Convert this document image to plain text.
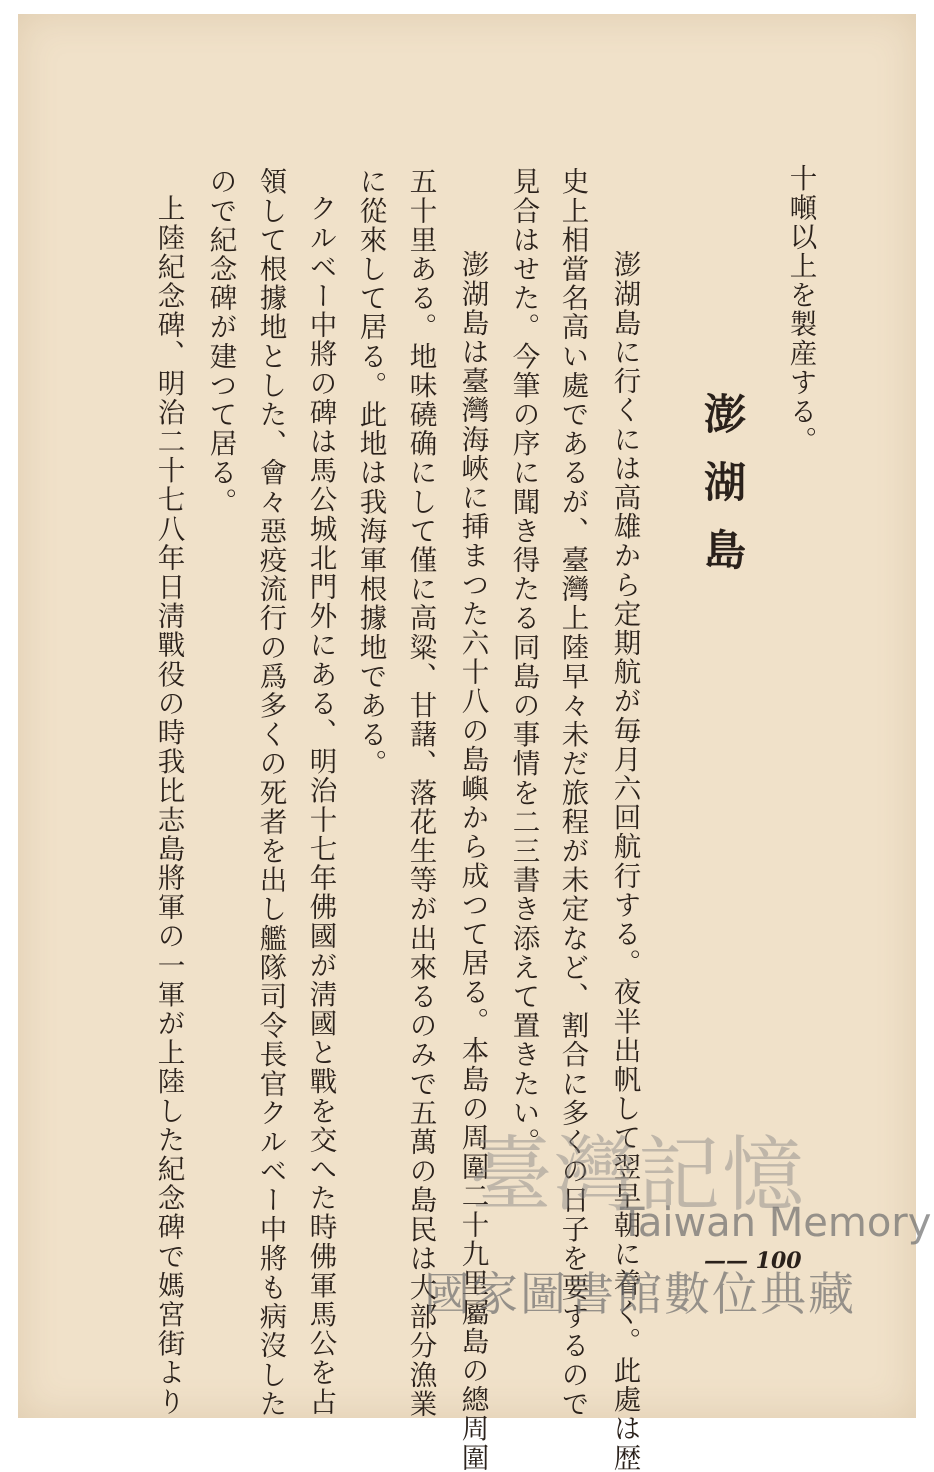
澎湖島
十噸以上を製産する。
澎湖島に行くには高雄から定期航が毎月六回航行する。夜半出帆して翌早朝に着く。此處は歴
史上相當名高い處であるが、臺灣上陸早々未だ旅程が未定など、割合に多くの日子を要するので
見合はせた。今筆の序に聞き得たる同島の事情を二三書き添えて置きたい。
澎湖島は臺灣海峽に挿まつた六十八の島嶼から成つて居る。本島の周圍二十九里屬島の總周圍
五十里ある。地味磽确にして僅に高粱、甘藷、落花生等が出來るのみで五萬の島民は大部分漁業
に從來して居る。此地は我海軍根據地である。
クルベー中將の碑は馬公城北門外にある、明治十七年佛國が淸國と戰を交へた時佛軍馬公を占
領して根據地とした、會々惡疫流行の爲多くの死者を出し艦隊司令長官クルベー中將も病沒した
ので紀念碑が建つて居る。
上陸紀念碑、明治二十七八年日淸戰役の時我比志島將軍の一軍が上陸した紀念碑で媽宮街より	—— 100
臺灣記憶
Taiwan Memory
國家圖書館數位典藏
